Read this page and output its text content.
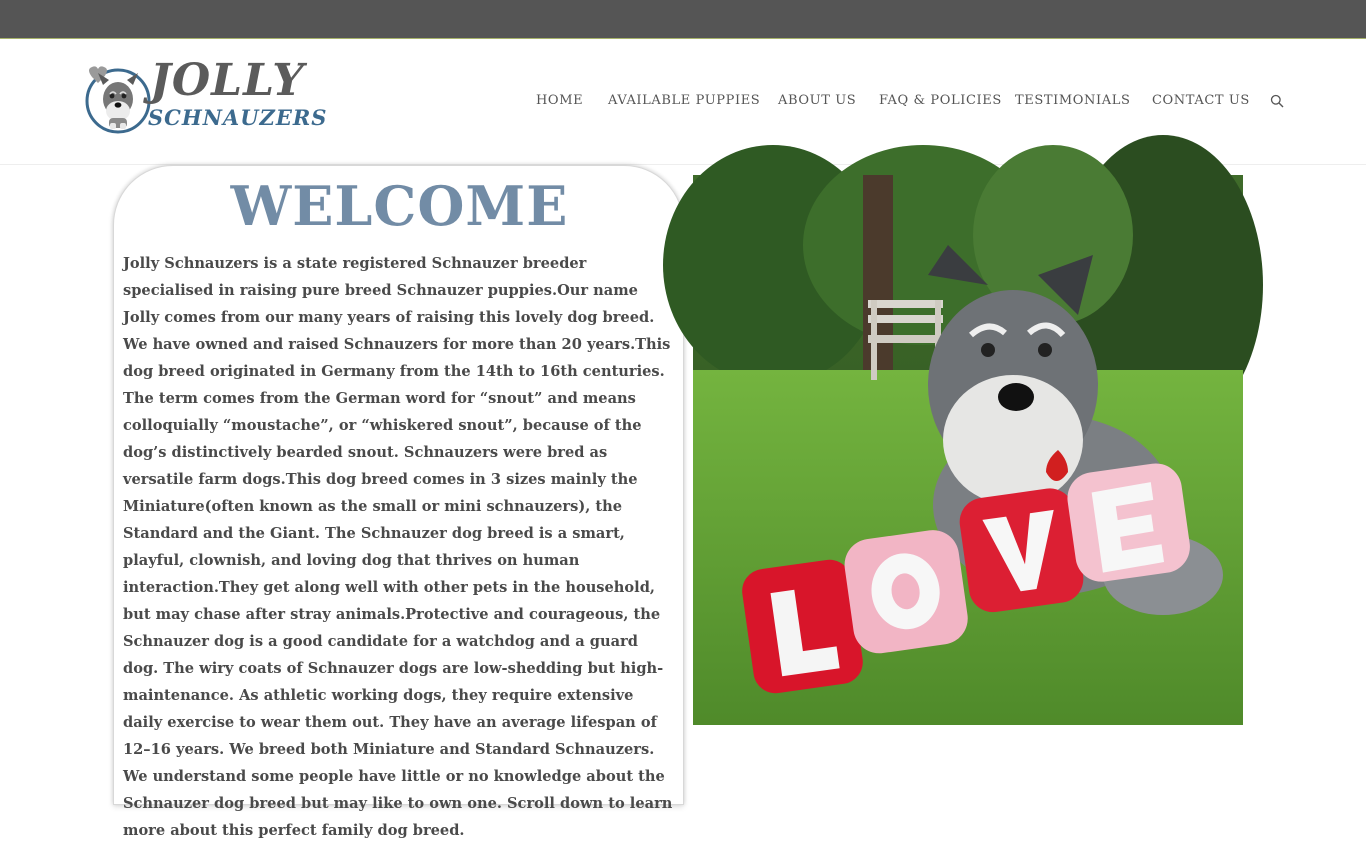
JOLLY
SCHNAUZERS
HOME AVAILABLE PUPPIES ABOUT US FAQ & POLICIES TESTIMONIALS CONTACT US
WELCOME

Jolly Schnauzers is a state registered Schnauzer breeder specialised in raising pure breed Schnauzer puppies.Our name Jolly comes from our many years of raising this lovely dog breed. We have owned and raised Schnauzers for more than 20 years.This dog breed originated in Germany from the 14th to 16th centuries. The term comes from the German word for “snout” and means colloquially “moustache”, or “whiskered snout”, because of the dog’s distinctively bearded snout. Schnauzers were bred as versatile farm dogs.This dog breed comes in 3 sizes mainly the Miniature(often known as the small or mini schnauzers), the Standard and the Giant. The Schnauzer dog breed is a smart, playful, clownish, and loving dog that thrives on human interaction.They get along well with other pets in the household, but may chase after stray animals.Protective and courageous, the Schnauzer dog is a good candidate for a watchdog and a guard dog. The wiry coats of Schnauzer dogs are low-shedding but high-maintenance. As athletic working dogs, they require extensive daily exercise to wear them out. They have an average lifespan of 12–16 years. We breed both Miniature and Standard Schnauzers. We understand some people have little or no knowledge about the Schnauzer dog breed but may like to own one. Scroll down to learn more about this perfect family dog breed.
